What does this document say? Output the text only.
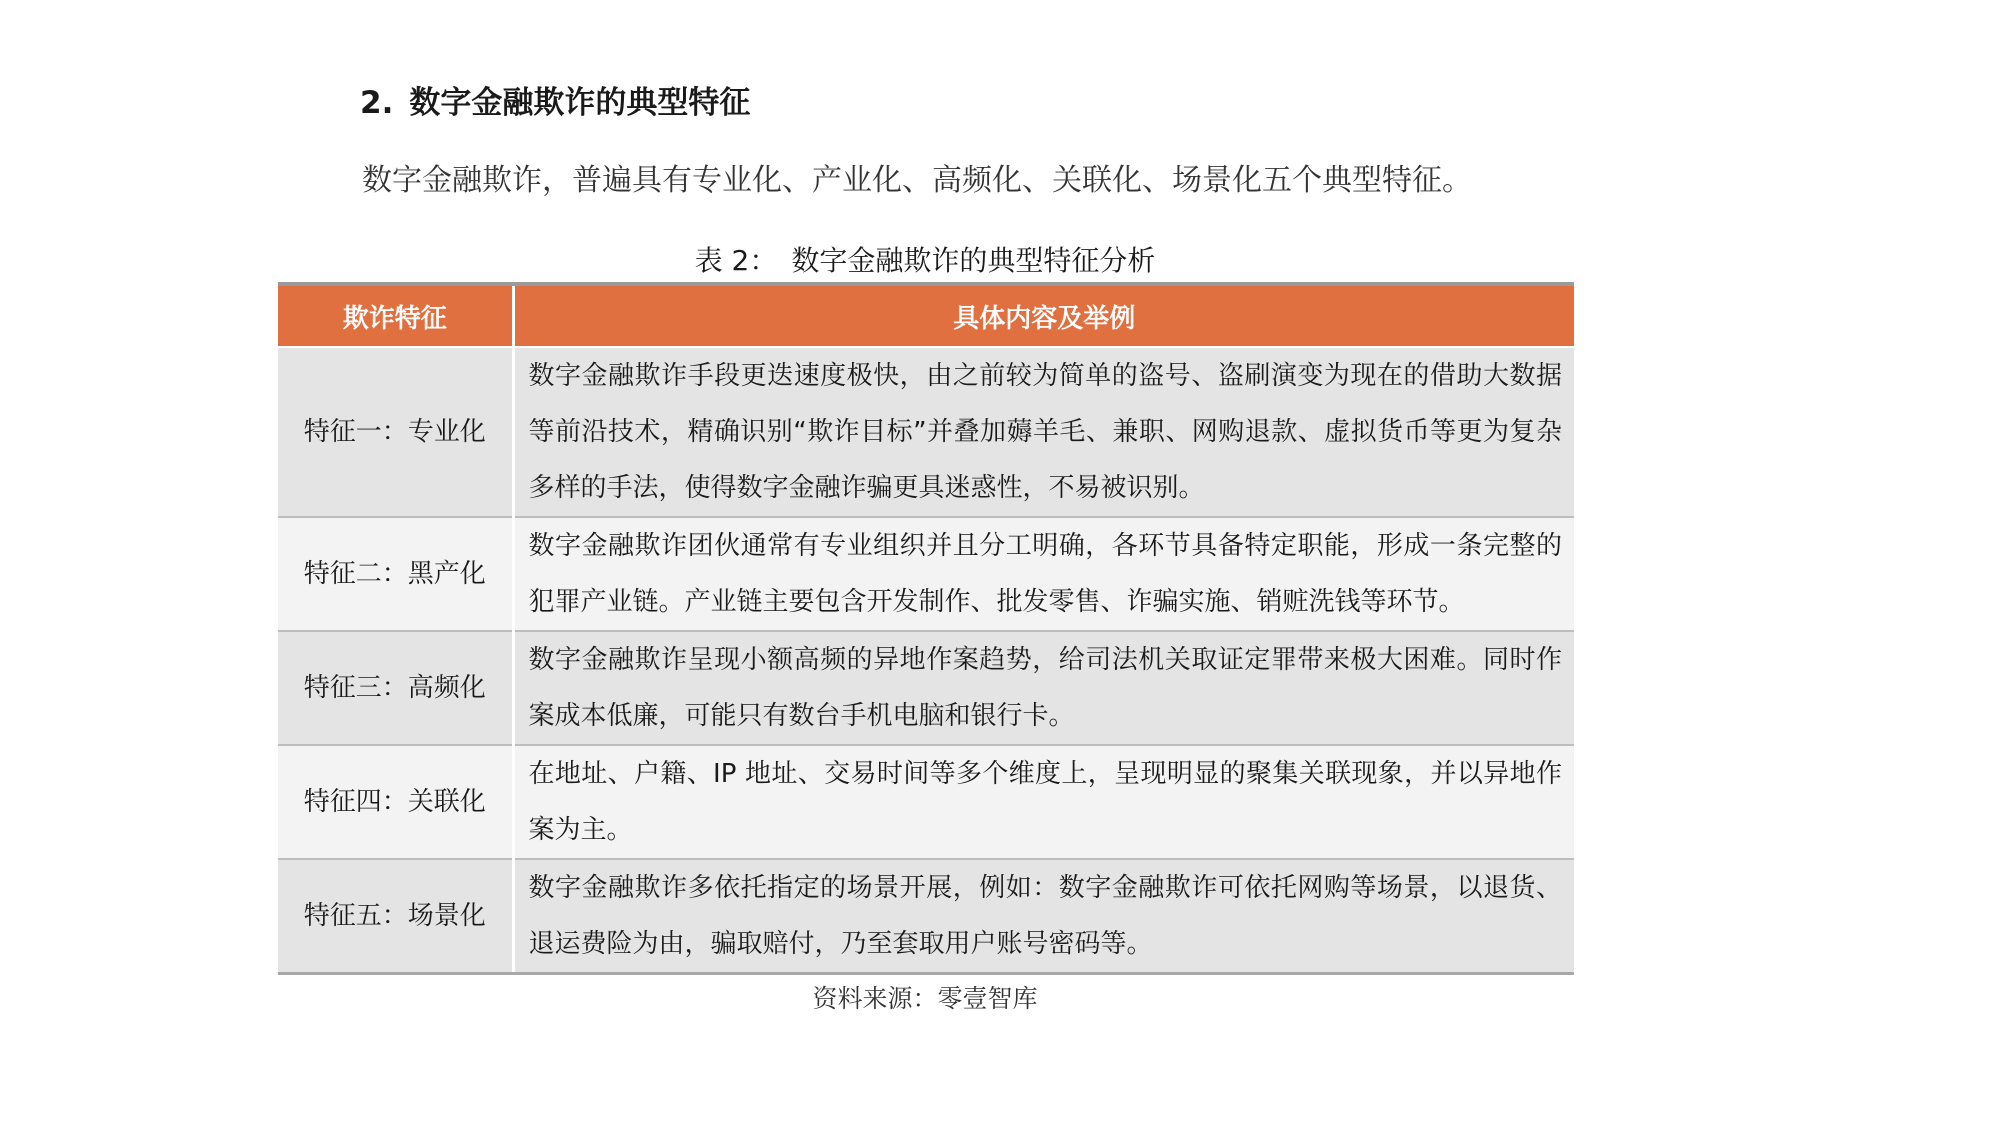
2. 数字金融欺诈的典型特征
数字金融欺诈，普遍具有专业化、产业化、高频化、关联化、场景化五个典型特征。
表 2： 数字金融欺诈的典型特征分析
欺诈特征	具体内容及举例
特征一：专业化	数字金融欺诈手段更迭速度极快，由之前较为简单的盗号、盗刷演变为现在的借助大数据等前沿技术，精确识别“欺诈目标”并叠加薅羊毛、兼职、网购退款、虚拟货币等更为复杂多样的手法，使得数字金融诈骗更具迷惑性，不易被识别。
特征二：黑产化	数字金融欺诈团伙通常有专业组织并且分工明确，各环节具备特定职能，形成一条完整的犯罪产业链。产业链主要包含开发制作、批发零售、诈骗实施、销赃洗钱等环节。
特征三：高频化	数字金融欺诈呈现小额高频的异地作案趋势，给司法机关取证定罪带来极大困难。同时作案成本低廉，可能只有数台手机电脑和银行卡。
特征四：关联化	在地址、户籍、IP 地址、交易时间等多个维度上，呈现明显的聚集关联现象，并以异地作案为主。
特征五：场景化	数字金融欺诈多依托指定的场景开展，例如：数字金融欺诈可依托网购等场景，以退货、退运费险为由，骗取赔付，乃至套取用户账号密码等。
资料来源：零壹智库
